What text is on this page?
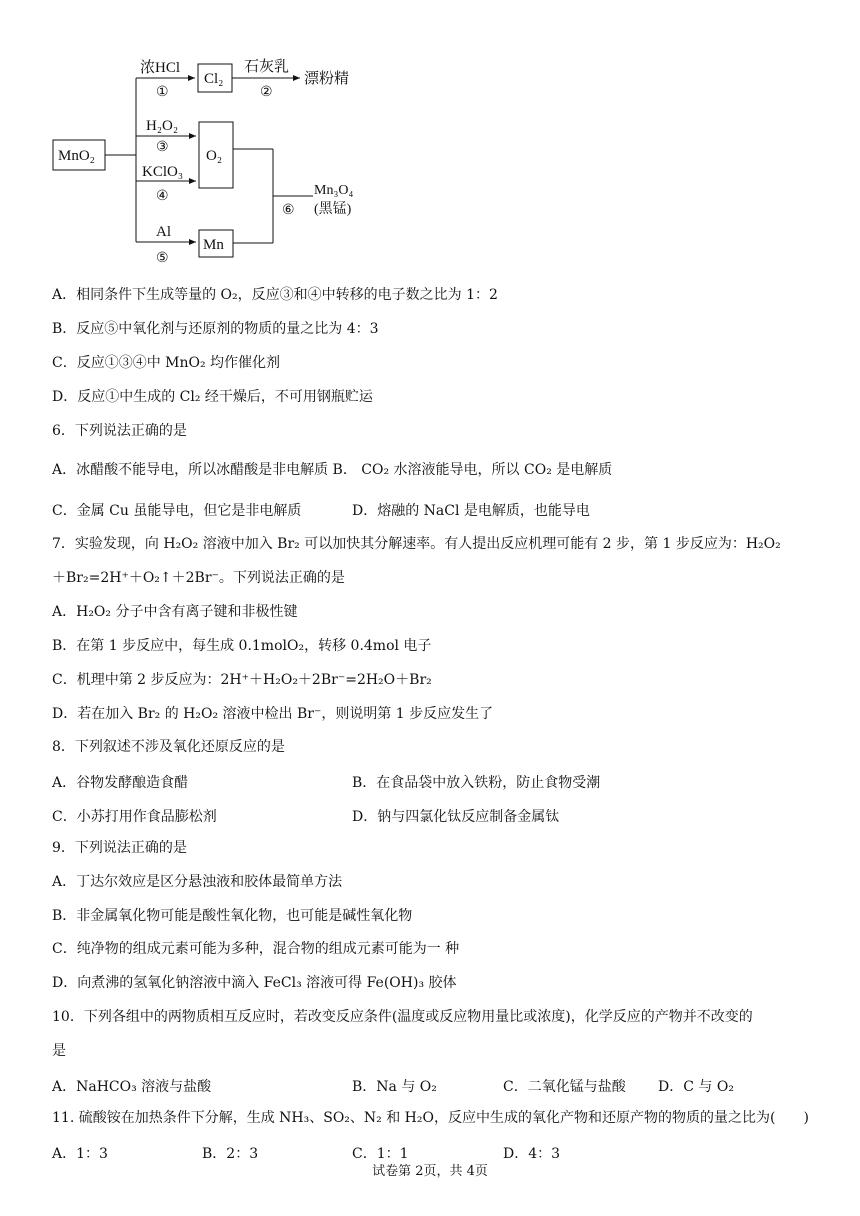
MnO₂
浓HCl
①
Cl₂
石灰乳
②
漂粉精
H₂O₂
③
O₂
KClO₃
④
Al
⑤
Mn
⑥
Mn₃O₄
(黑锰)
A．相同条件下生成等量的 O₂，反应③和④中转移的电子数之比为 1：2
B．反应⑤中氧化剂与还原剂的物质的量之比为 4：3
C．反应①③④中 MnO₂ 均作催化剂
D．反应①中生成的 Cl₂ 经干燥后，不可用钢瓶贮运
6．下列说法正确的是
A．冰醋酸不能导电，所以冰醋酸是非电解质 B． CO₂ 水溶液能导电，所以 CO₂ 是电解质
C．金属 Cu 虽能导电，但它是非电解质	D．熔融的 NaCl 是电解质，也能导电
7．实验发现，向 H₂O₂ 溶液中加入 Br₂ 可以加快其分解速率。有人提出反应机理可能有 2 步，第 1 步反应为：H₂O₂
＋Br₂=2H⁺＋O₂↑＋2Br⁻。下列说法正确的是
A．H₂O₂ 分子中含有离子键和非极性键
B．在第 1 步反应中，每生成 0.1molO₂，转移 0.4mol 电子
C．机理中第 2 步反应为：2H⁺＋H₂O₂＋2Br⁻=2H₂O＋Br₂
D．若在加入 Br₂ 的 H₂O₂ 溶液中检出 Br⁻，则说明第 1 步反应发生了
8．下列叙述不涉及氧化还原反应的是
A．谷物发酵酿造食醋	B．在食品袋中放入铁粉，防止食物受潮
C．小苏打用作食品膨松剂	D．钠与四氯化钛反应制备金属钛
9．下列说法正确的是
A．丁达尔效应是区分悬浊液和胶体最简单方法
B．非金属氧化物可能是酸性氧化物，也可能是碱性氧化物
C．纯净物的组成元素可能为多种，混合物的组成元素可能为一 种
D．向煮沸的氢氧化钠溶液中滴入 FeCl₃ 溶液可得 Fe(OH)₃ 胶体
10．下列各组中的两物质相互反应时，若改变反应条件(温度或反应物用量比或浓度)，化学反应的产物并不改变的
是
A．NaHCO₃ 溶液与盐酸	B．Na 与 O₂	C．二氧化锰与盐酸 D．C 与 O₂
11. 硫酸铵在加热条件下分解，生成 NH₃、SO₂、N₂ 和 H₂O，反应中生成的氧化产物和还原产物的物质的量之比为(　　)
A．1：3	B．2：3	C．1：1	D．4：3
试卷第 2页，共 4页
